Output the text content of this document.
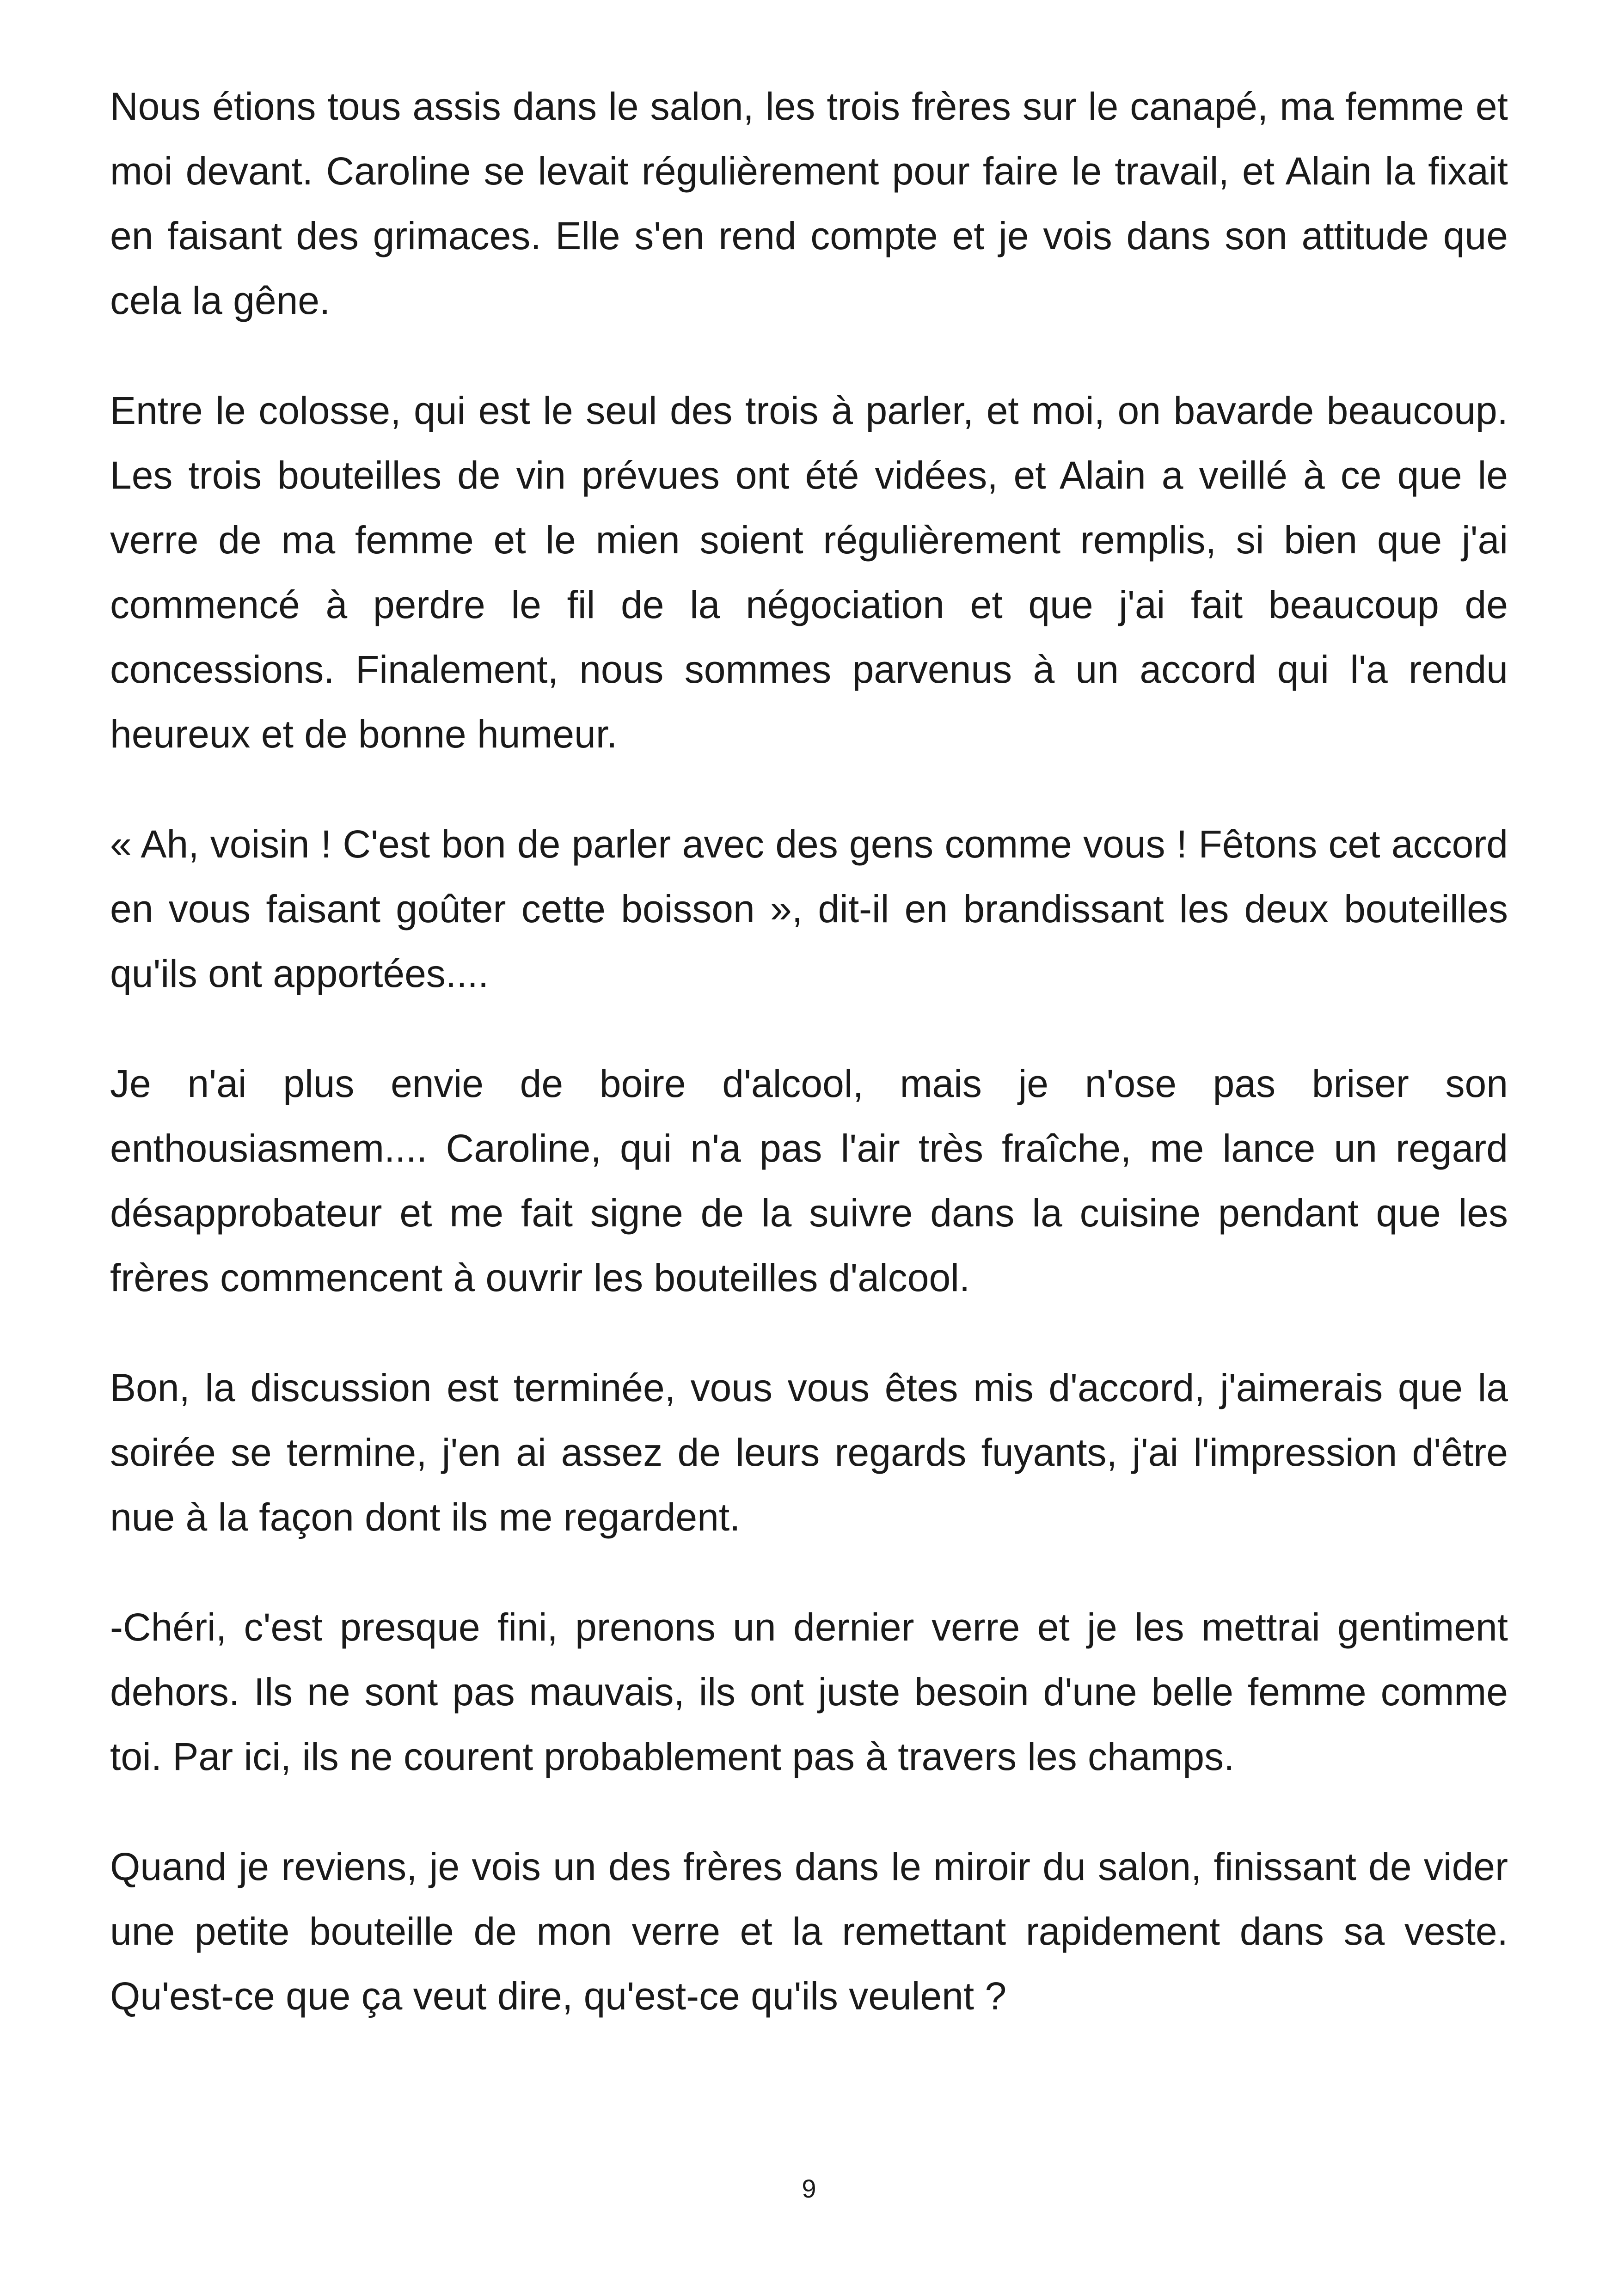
Nous étions tous assis dans le salon, les trois frères sur le canapé, ma femme et moi devant. Caroline se levait régulièrement pour faire le travail, et Alain la fixait en faisant des grimaces. Elle s'en rend compte et je vois dans son attitude que cela la gêne.

Entre le colosse, qui est le seul des trois à parler, et moi, on bavarde beaucoup. Les trois bouteilles de vin prévues ont été vidées, et Alain a veillé à ce que le verre de ma femme et le mien soient régulièrement remplis, si bien que j'ai commencé à perdre le fil de la négociation et que j'ai fait beaucoup de concessions. Finalement, nous sommes parvenus à un accord qui l'a rendu heureux et de bonne humeur.

« Ah, voisin ! C'est bon de parler avec des gens comme vous ! Fêtons cet accord en vous faisant goûter cette boisson », dit-il en brandissant les deux bouteilles qu'ils ont apportées....

Je n'ai plus envie de boire d'alcool, mais je n'ose pas briser son enthousiasmem.... Caroline, qui n'a pas l'air très fraîche, me lance un regard désapprobateur et me fait signe de la suivre dans la cuisine pendant que les frères commencent à ouvrir les bouteilles d'alcool.

Bon, la discussion est terminée, vous vous êtes mis d'accord, j'aimerais que la soirée se termine, j'en ai assez de leurs regards fuyants, j'ai l'impression d'être nue à la façon dont ils me regardent.

-Chéri, c'est presque fini, prenons un dernier verre et je les mettrai gentiment dehors. Ils ne sont pas mauvais, ils ont juste besoin d'une belle femme comme toi. Par ici, ils ne courent probablement pas à travers les champs.

Quand je reviens, je vois un des frères dans le miroir du salon, finissant de vider une petite bouteille de mon verre et la remettant rapidement dans sa veste. Qu'est-ce que ça veut dire, qu'est-ce qu'ils veulent ?

9
